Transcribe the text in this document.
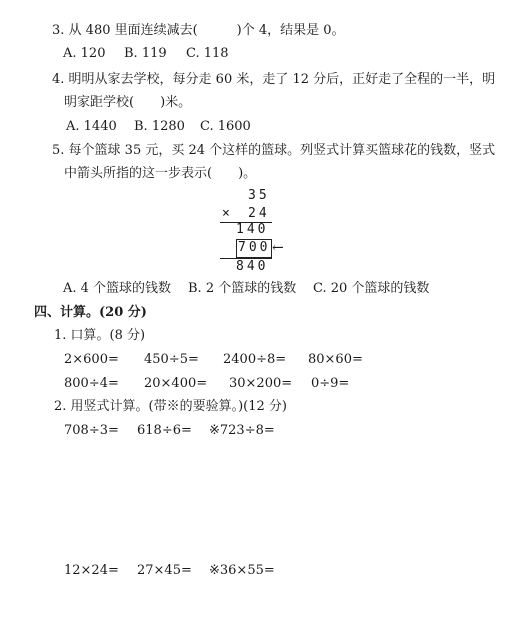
3. 从 480 里面连续减去(　　　)个 4，结果是 0。
A. 120 B. 119 C. 118
4. 明明从家去学校，每分走 60 米，走了 12 分后，正好走了全程的一半，明
明家距学校(　　)米。
A. 1440 B. 1280 C. 1600
5. 每个篮球 35 元，买 24 个这样的篮球。列竖式计算买篮球花的钱数，竖式
中箭头所指的这一步表示(　　)。
35
× 24
140
700 ←
840
A. 4 个篮球的钱数 B. 2 个篮球的钱数 C. 20 个篮球的钱数
四、计算。(20 分)
1. 口算。(8 分)
2×600= 450÷5= 2400÷8= 80×60=
800÷4= 20×400= 30×200= 0÷9=
2. 用竖式计算。(带※的要验算。)(12 分)
708÷3= 618÷6= ※723÷8=
12×24= 27×45= ※36×55=
